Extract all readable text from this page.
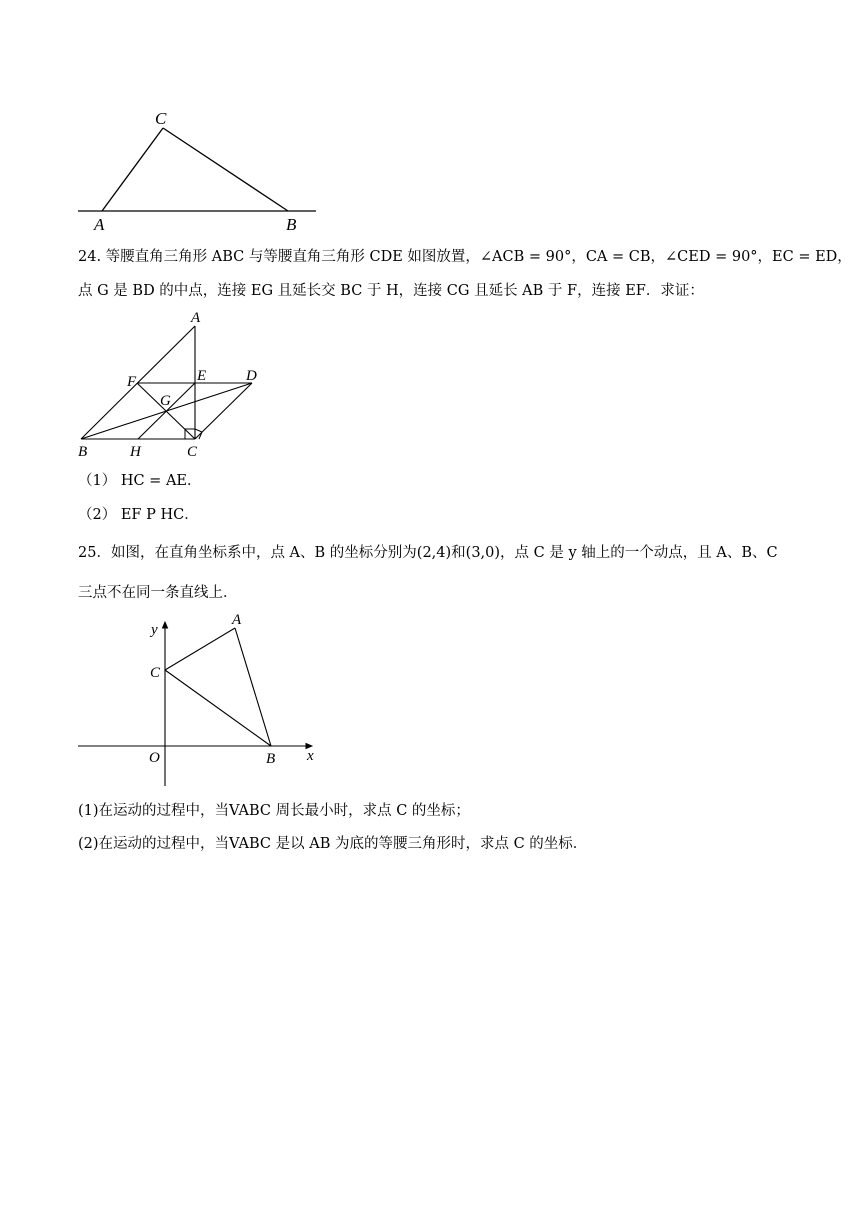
C
A	B
24. 等腰直角三角形 ABC 与等腰直角三角形 CDE 如图放置，∠ACB = 90°，CA = CB，∠CED = 90°，EC = ED，
点 G 是 BD 的中点，连接 EG 且延长交 BC 于 H，连接 CG 且延长 AB 于 F，连接 EF．求证：
A
F	E	D
G
B	H	C
（1） HC = AE．
（2） EF P HC．
25．如图，在直角坐标系中，点 A、B 的坐标分别为(2,4)和(3,0)，点 C 是 y 轴上的一个动点，且 A、B、C
三点不在同一条直线上．
y
A
C
O	B x
(1)在运动的过程中，当VABC 周长最小时，求点 C 的坐标；
(2)在运动的过程中，当VABC 是以 AB 为底的等腰三角形时，求点 C 的坐标．
